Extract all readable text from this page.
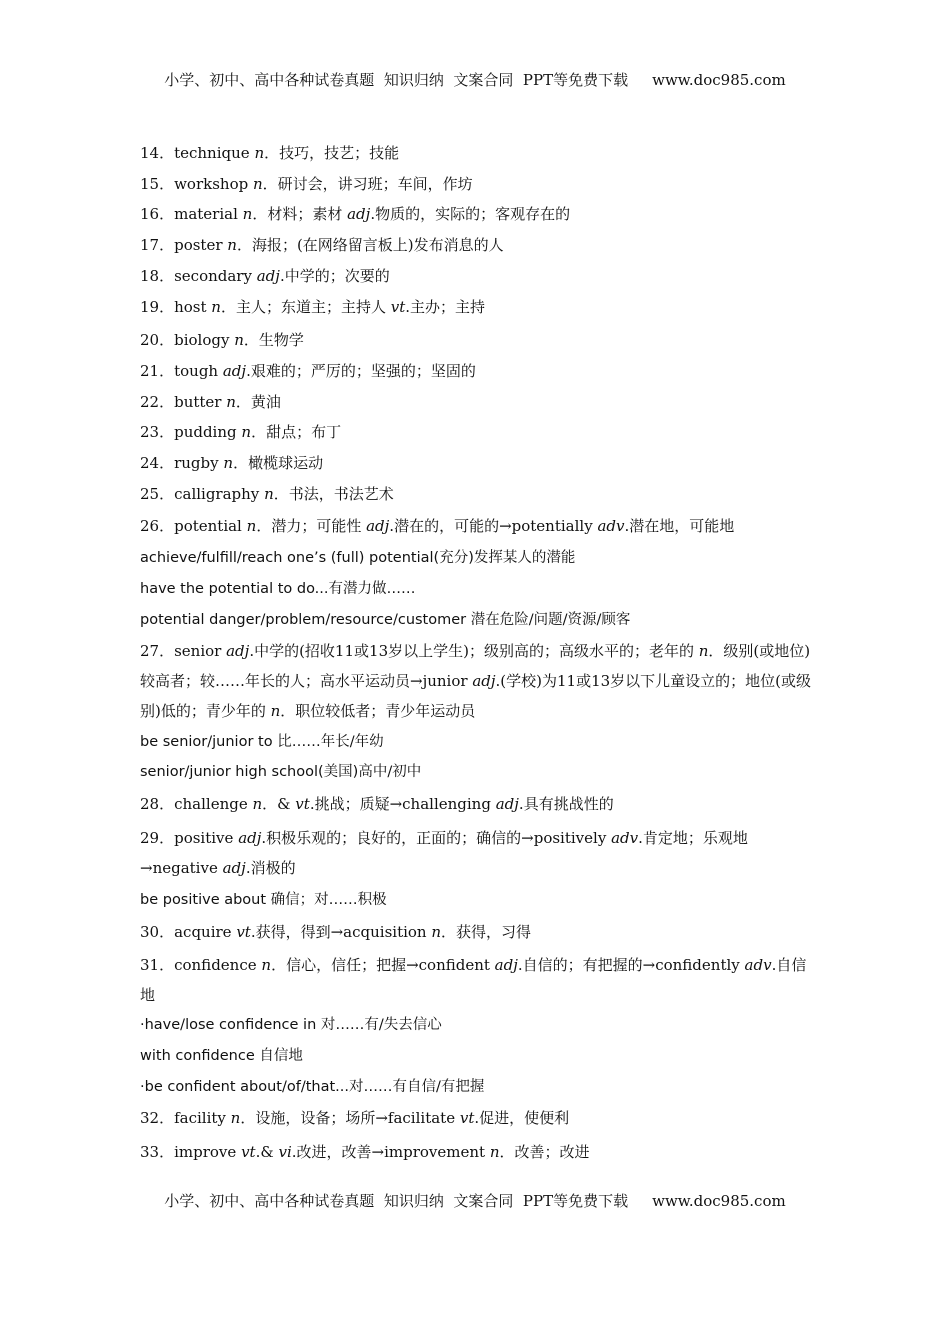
小学、初中、高中各种试卷真题  知识归纳  文案合同  PPT等免费下载 www.doc985.com
14．technique n．技巧，技艺；技能
15．workshop n．研讨会，讲习班；车间，作坊
16．material n．材料；素材 adj.物质的，实际的；客观存在的
17．poster n．海报；(在网络留言板上)发布消息的人
18．secondary adj.中学的；次要的
19．host n．主人；东道主；主持人 vt.主办；主持
20．biology n．生物学
21．tough adj.艰难的；严厉的；坚强的；坚固的
22．butter n．黄油
23．pudding n．甜点；布丁
24．rugby n．橄榄球运动
25．calligraphy n．书法，书法艺术
26．potential n．潜力；可能性 adj.潜在的，可能的→potentially adv.潜在地，可能地
achieve/fulfill/reach one’s (full) potential(充分)发挥某人的潜能
have the potential to do...有潜力做……
potential danger/problem/resource/customer 潜在危险/问题/资源/顾客
27．senior adj.中学的(招收11或13岁以上学生)；级别高的；高级水平的；老年的 n．级别(或地位)较高者；较……年长的人；高水平运动员→junior adj.(学校)为11或13岁以下儿童设立的；地位(或级别)低的；青少年的 n．职位较低者；青少年运动员
be senior/junior to 比……年长/年幼
senior/junior high school(美国)高中/初中
28．challenge n．& vt.挑战；质疑→challenging adj.具有挑战性的
29．positive adj.积极乐观的；良好的，正面的；确信的→positively adv.肯定地；乐观地→negative adj.消极的
be positive about 确信；对……积极
30．acquire vt.获得，得到→acquisition n．获得，习得
31．confidence n．信心，信任；把握→confident adj.自信的；有把握的→confidently adv.自信地
·have/lose confidence in 对……有/失去信心
with confidence 自信地
·be confident about/of/that...对……有自信/有把握
32．facility n．设施，设备；场所→facilitate vt.促进，使便利
33．improve vt.& vi.改进，改善→improvement n．改善；改进
小学、初中、高中各种试卷真题  知识归纳  文案合同  PPT等免费下载 www.doc985.com
